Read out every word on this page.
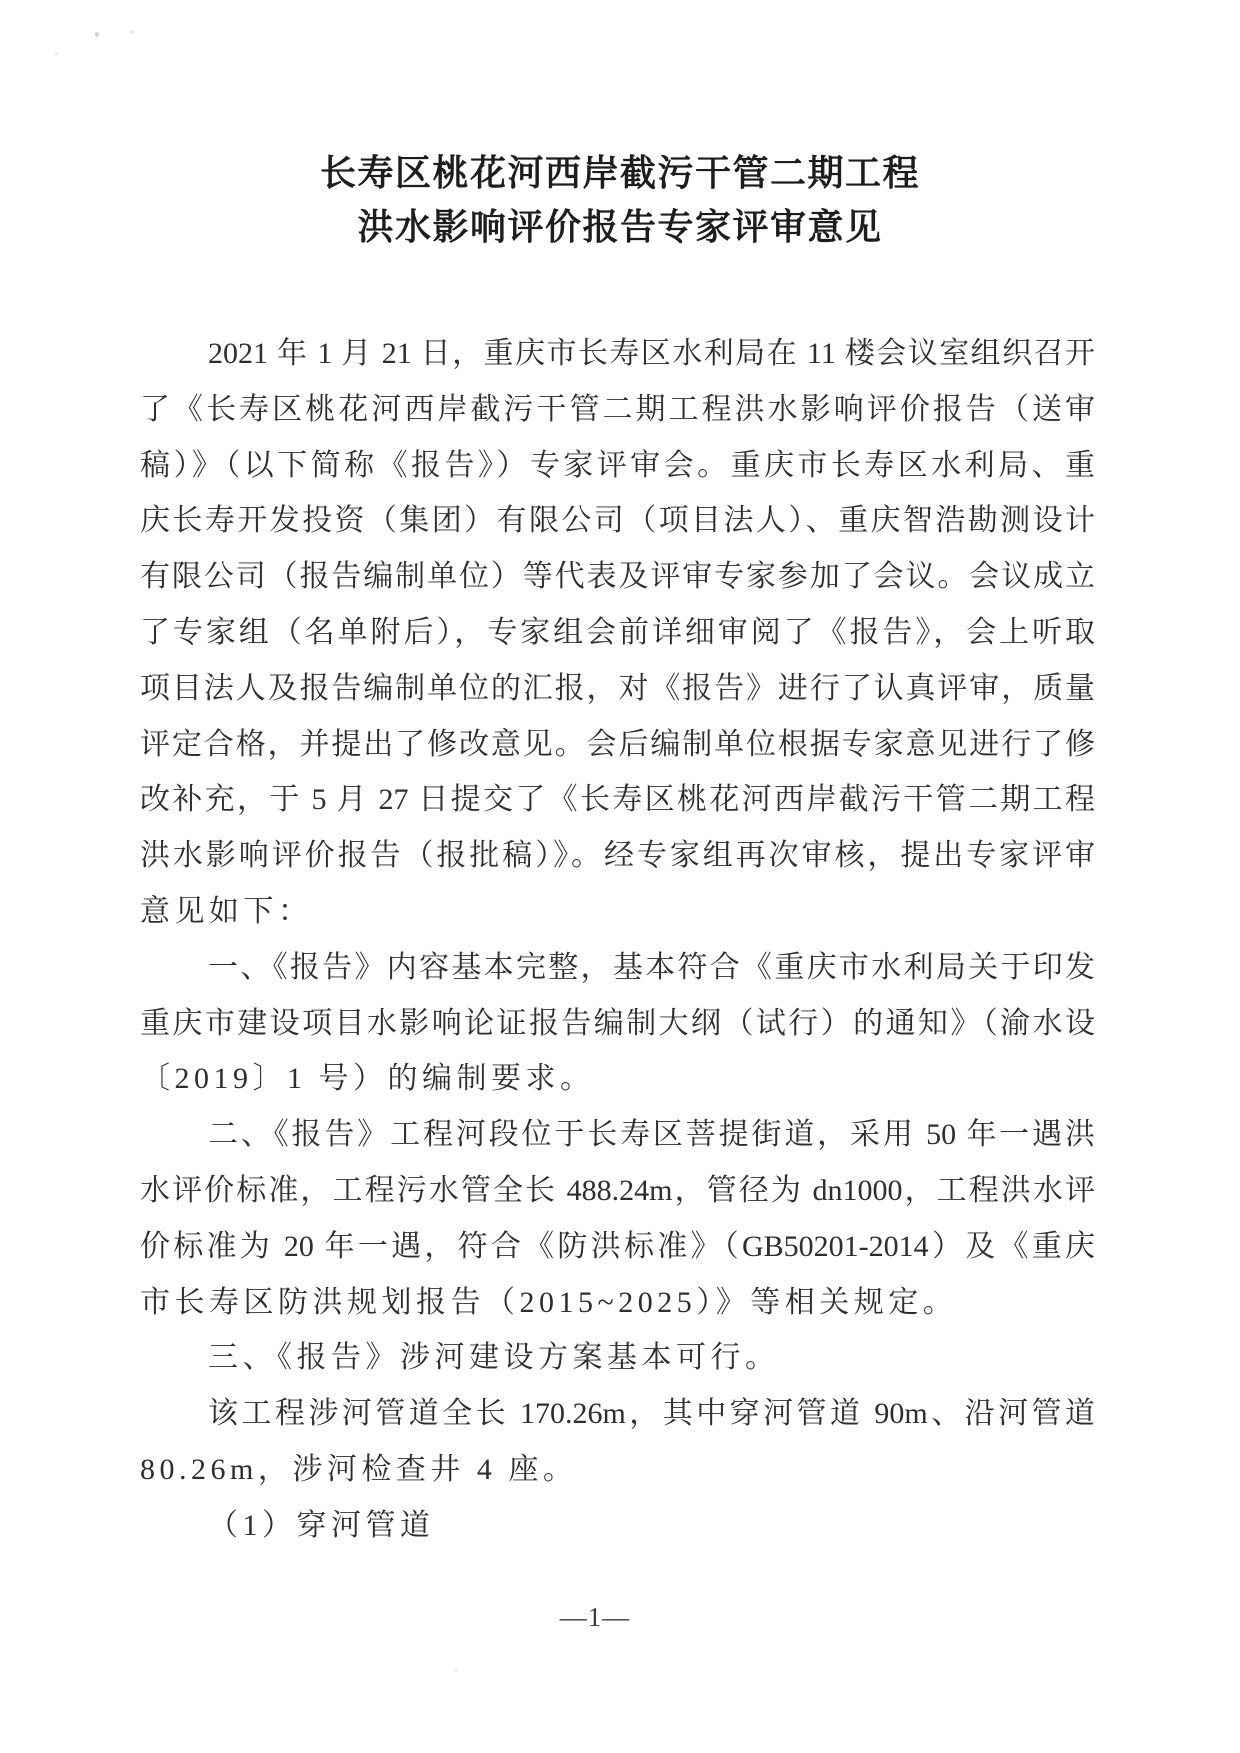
长寿区桃花河西岸截污干管二期工程
洪水影响评价报告专家评审意见
2021 年 1 月 21 日，重庆市长寿区水利局在 11 楼会议室组织召开
了《长寿区桃花河西岸截污干管二期工程洪水影响评价报告（送审
稿）》（以下简称《报告》）专家评审会。重庆市长寿区水利局、重
庆长寿开发投资（集团）有限公司（项目法人）、重庆智浩勘测设计
有限公司（报告编制单位）等代表及评审专家参加了会议。会议成立
了专家组（名单附后），专家组会前详细审阅了《报告》，会上听取
项目法人及报告编制单位的汇报，对《报告》进行了认真评审，质量
评定合格，并提出了修改意见。会后编制单位根据专家意见进行了修
改补充，于 5 月 27 日提交了《长寿区桃花河西岸截污干管二期工程
洪水影响评价报告（报批稿）》。经专家组再次审核，提出专家评审
意见如下：
一、《报告》内容基本完整，基本符合《重庆市水利局关于印发
重庆市建设项目水影响论证报告编制大纲（试行）的通知》（渝水设
〔2019〕1 号）的编制要求。
二、《报告》工程河段位于长寿区菩提街道，采用 50 年一遇洪
水评价标准，工程污水管全长 488.24m，管径为 dn1000，工程洪水评
价标准为 20 年一遇，符合《防洪标准》（GB50201-2014）及《重庆
市长寿区防洪规划报告（2015~2025）》等相关规定。
三、《报告》涉河建设方案基本可行。
该工程涉河管道全长 170.26m，其中穿河管道 90m、沿河管道
80.26m，涉河检查井 4 座。
（1）穿河管道
—1—
